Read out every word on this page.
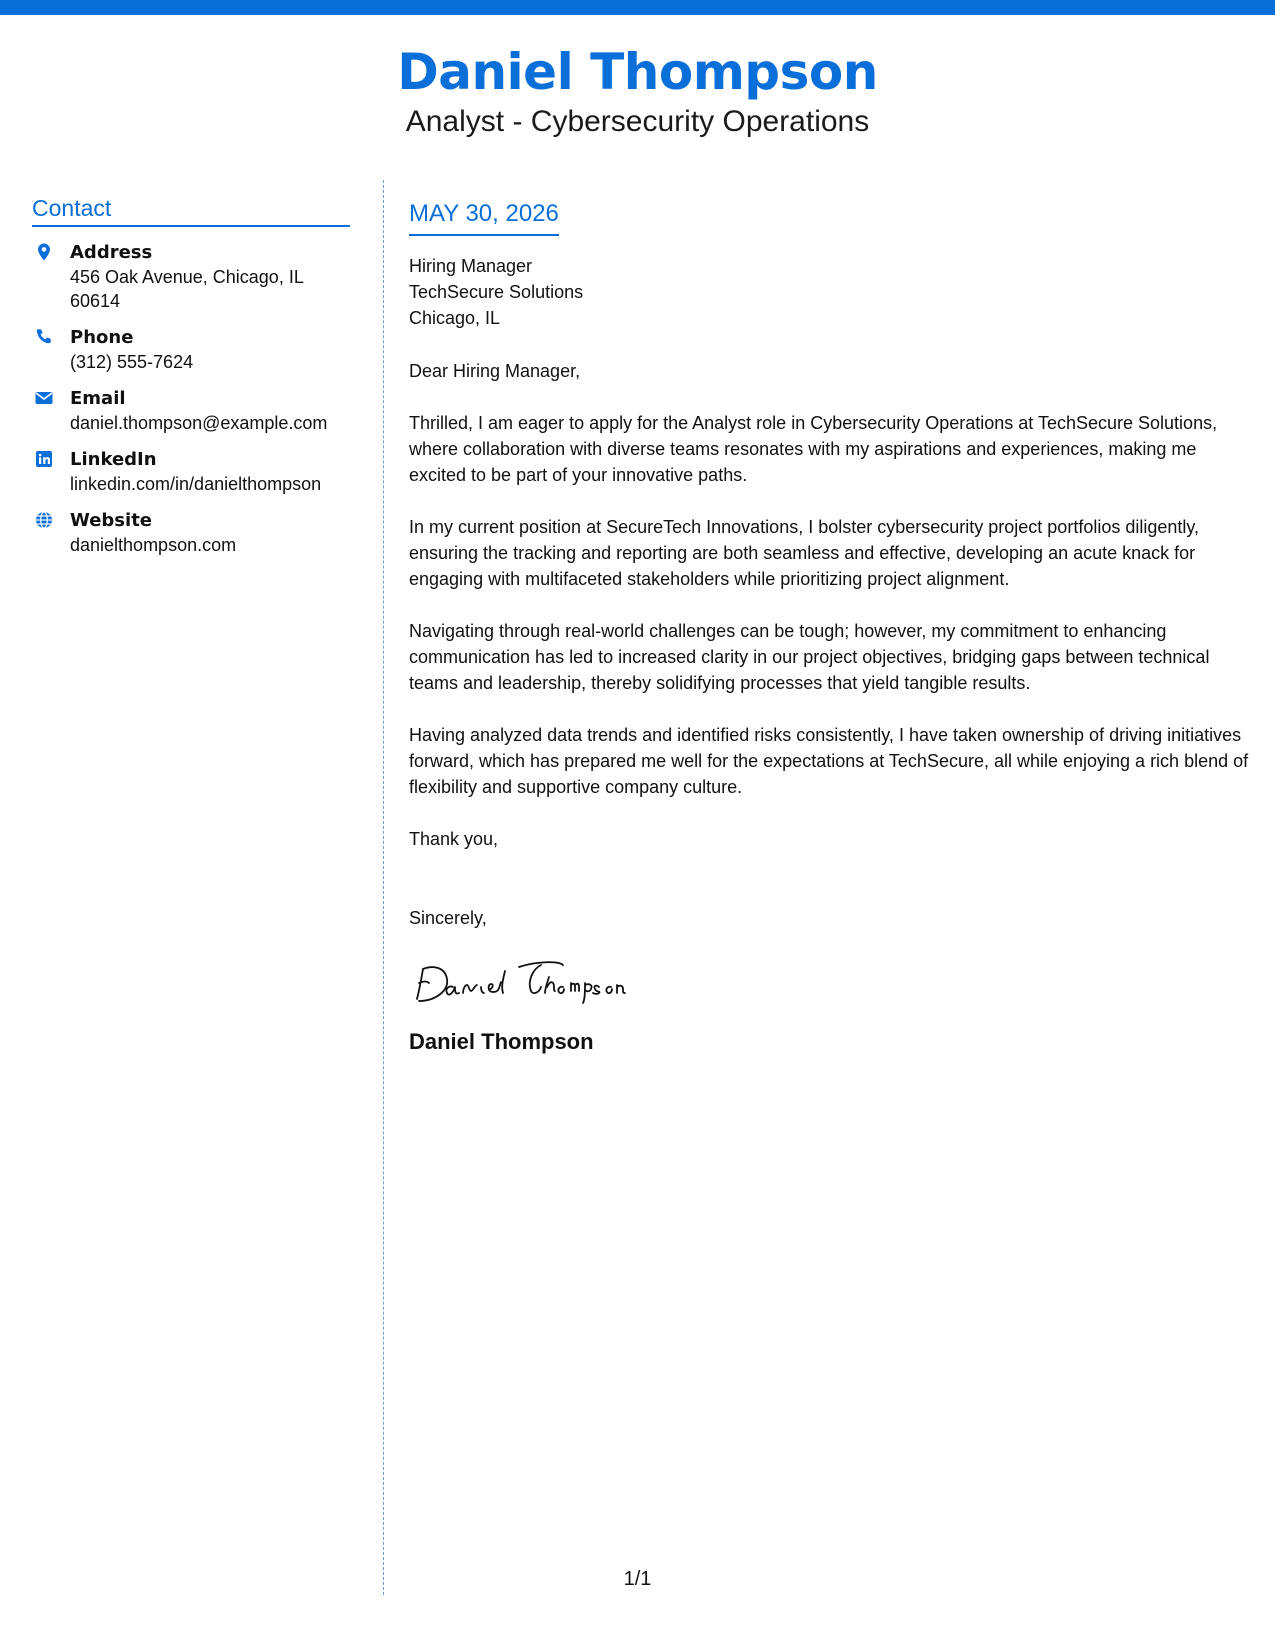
Daniel Thompson
Analyst - Cybersecurity Operations
Contact
Address
456 Oak Avenue, Chicago, IL 60614
Phone
(312) 555-7624
Email
daniel.thompson@example.com
LinkedIn
linkedin.com/in/danielthompson
Website
danielthompson.com
MAY 30, 2026
Hiring Manager
TechSecure Solutions
Chicago, IL
Dear Hiring Manager,
Thrilled, I am eager to apply for the Analyst role in Cybersecurity Operations at TechSecure Solutions, where collaboration with diverse teams resonates with my aspirations and experiences, making me excited to be part of your innovative paths.
In my current position at SecureTech Innovations, I bolster cybersecurity project portfolios diligently, ensuring the tracking and reporting are both seamless and effective, developing an acute knack for engaging with multifaceted stakeholders while prioritizing project alignment.
Navigating through real-world challenges can be tough; however, my commitment to enhancing communication has led to increased clarity in our project objectives, bridging gaps between technical teams and leadership, thereby solidifying processes that yield tangible results.
Having analyzed data trends and identified risks consistently, I have taken ownership of driving initiatives forward, which has prepared me well for the expectations at TechSecure, all while enjoying a rich blend of flexibility and supportive company culture.
Thank you,
Sincerely,
Daniel Thompson
1/1
